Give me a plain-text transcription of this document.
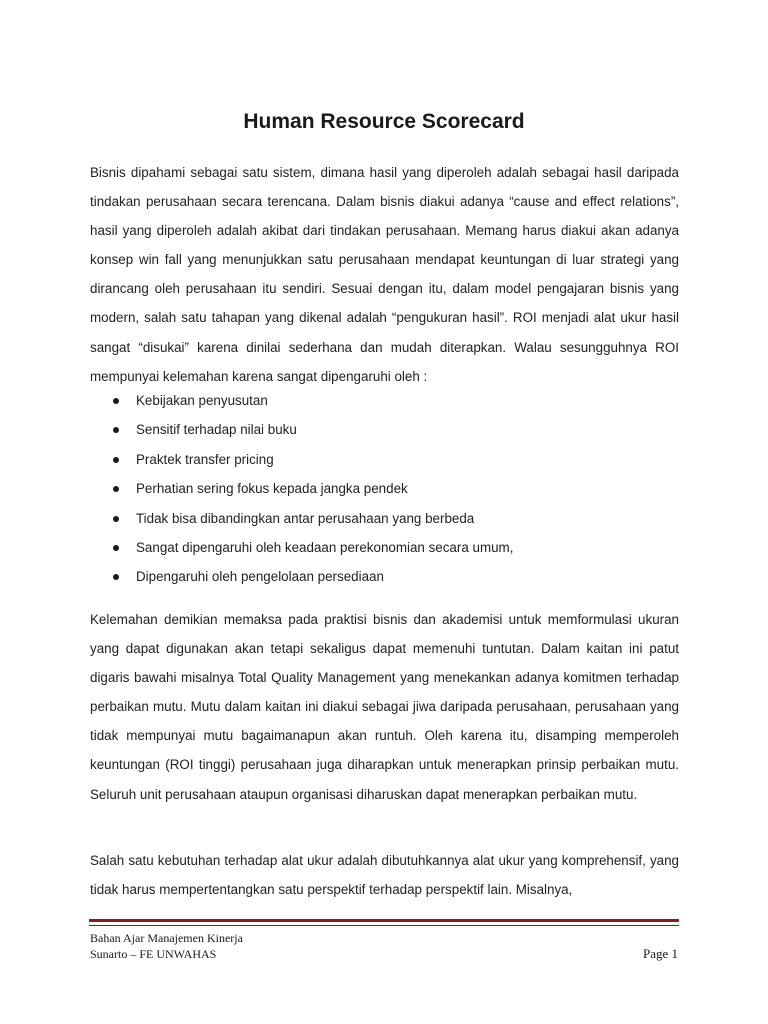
Human Resource Scorecard

Bisnis dipahami sebagai satu sistem, dimana hasil yang diperoleh adalah sebagai hasil daripada tindakan perusahaan secara terencana. Dalam bisnis diakui adanya “cause and effect relations”, hasil yang diperoleh adalah akibat dari tindakan perusahaan. Memang harus diakui akan adanya konsep win fall yang menunjukkan satu perusahaan mendapat keuntungan di luar strategi yang dirancang oleh perusahaan itu sendiri. Sesuai dengan itu, dalam model pengajaran bisnis yang modern, salah satu tahapan yang dikenal adalah “pengukuran hasil”. ROI menjadi alat ukur hasil sangat “disukai” karena dinilai sederhana dan mudah diterapkan. Walau sesungguhnya ROI mempunyai kelemahan karena sangat dipengaruhi oleh :

Kebijakan penyusutan
Sensitif terhadap nilai buku
Praktek transfer pricing
Perhatian sering fokus kepada jangka pendek
Tidak bisa dibandingkan antar perusahaan yang berbeda
Sangat dipengaruhi oleh keadaan perekonomian secara umum,
Dipengaruhi oleh pengelolaan persediaan

Kelemahan demikian memaksa pada praktisi bisnis dan akademisi untuk memformulasi ukuran yang dapat digunakan akan tetapi sekaligus dapat memenuhi tuntutan. Dalam kaitan ini patut digaris bawahi misalnya Total Quality Management yang menekankan adanya komitmen terhadap perbaikan mutu. Mutu dalam kaitan ini diakui sebagai jiwa daripada perusahaan, perusahaan yang tidak mempunyai mutu bagaimanapun akan runtuh. Oleh karena itu, disamping memperoleh keuntungan (ROI tinggi) perusahaan juga diharapkan untuk menerapkan prinsip perbaikan mutu. Seluruh unit perusahaan ataupun organisasi diharuskan dapat menerapkan perbaikan mutu.

Salah satu kebutuhan terhadap alat ukur adalah dibutuhkannya alat ukur yang komprehensif, yang tidak harus mempertentangkan satu perspektif terhadap perspektif lain. Misalnya,

Bahan Ajar Manajemen Kinerja
Sunarto – FE UNWAHAS	Page 1
